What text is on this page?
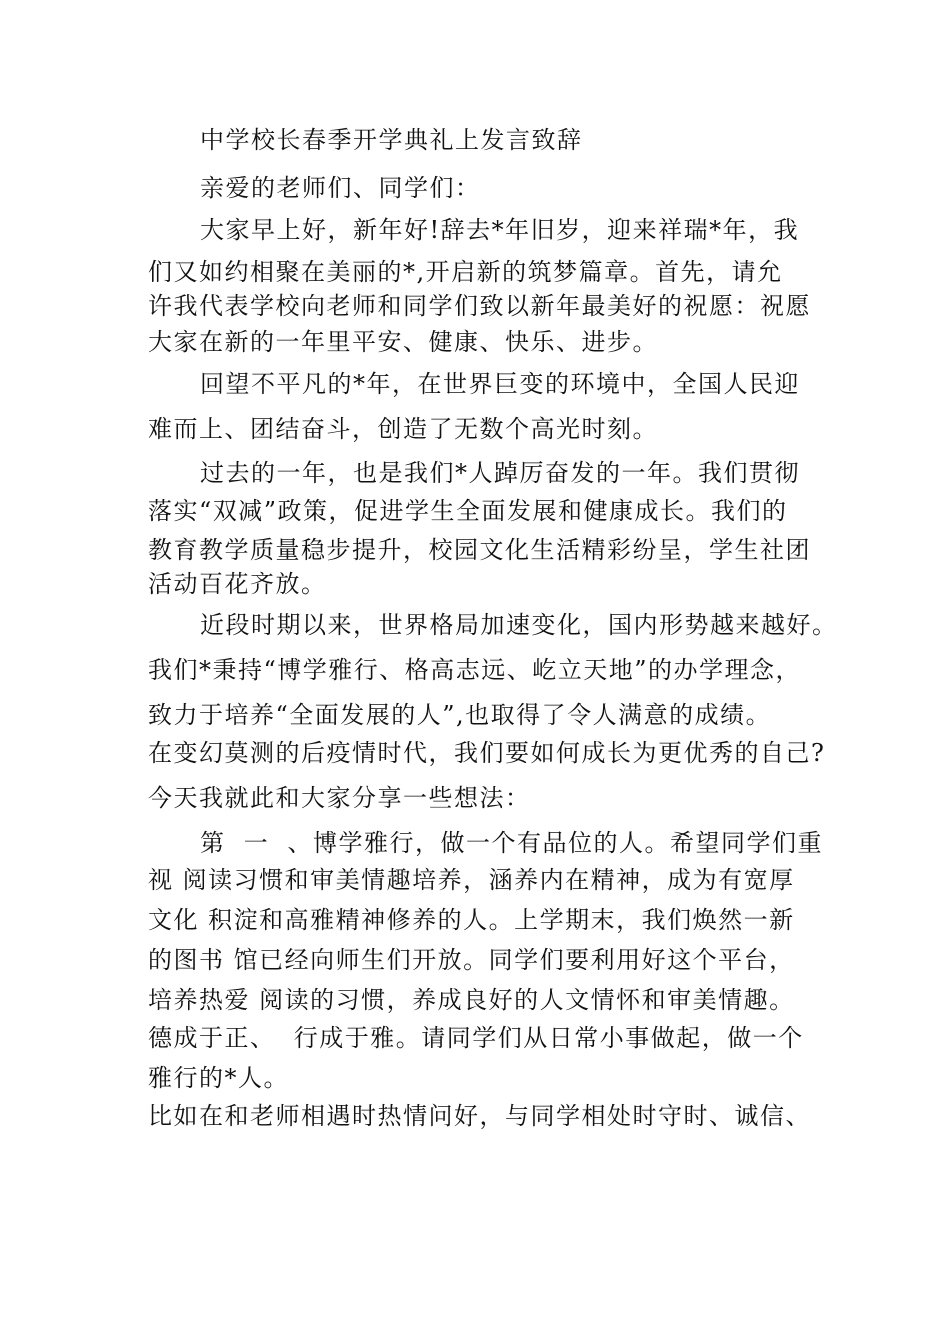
中学校长春季开学典礼上发言致辞
亲爱的老师们、同学们：
大家早上好，新年好!辞去*年旧岁，迎来祥瑞*年，我
们又如约相聚在美丽的*,开启新的筑梦篇章。首先，请允
许我代表学校向老师和同学们致以新年最美好的祝愿：祝愿
大家在新的一年里平安、健康、快乐、进步。
回望不平凡的*年，在世界巨变的环境中，全国人民迎
难而上、团结奋斗，创造了无数个高光时刻。
过去的一年，也是我们*人踔厉奋发的一年。我们贯彻
落实“双减”政策，促进学生全面发展和健康成长。我们的
教育教学质量稳步提升，校园文化生活精彩纷呈，学生社团
活动百花齐放。
近段时期以来，世界格局加速变化，国内形势越来越好。
我们*秉持“博学雅行、格高志远、屹立天地”的办学理念，
致力于培养“全面发展的人”,也取得了令人满意的成绩。
在变幻莫测的后疫情时代，我们要如何成长为更优秀的自己?
今天我就此和大家分享一些想法：
第  一  、博学雅行，做一个有品位的人。希望同学们重
视 阅读习惯和审美情趣培养，涵养内在精神，成为有宽厚
文化 积淀和高雅精神修养的人。上学期末，我们焕然一新
的图书 馆已经向师生们开放。同学们要利用好这个平台，
培养热爱 阅读的习惯，养成良好的人文情怀和审美情趣。
德成于正、  行成于雅。请同学们从日常小事做起，做一个
雅行的*人。
比如在和老师相遇时热情问好，与同学相处时守时、诚信、
